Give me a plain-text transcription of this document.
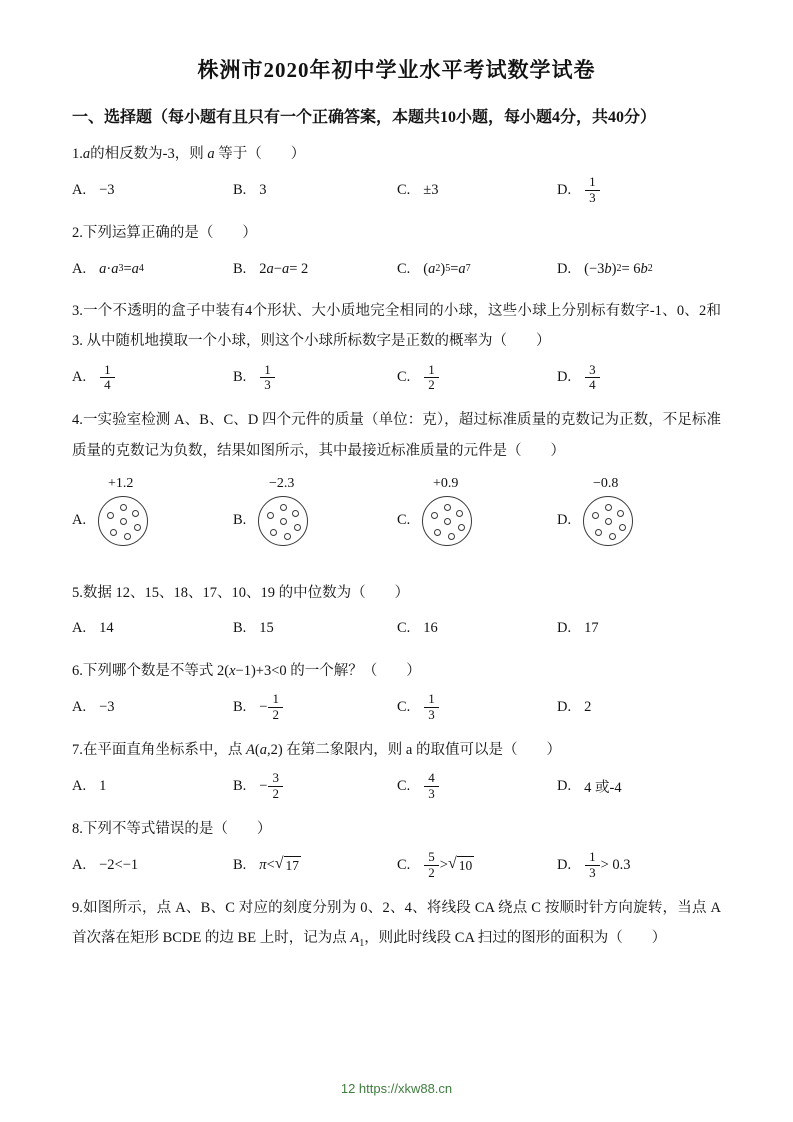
株洲市2020年初中学业水平考试数学试卷
一、选择题（每小题有且只有一个正确答案，本题共10小题，每小题4分，共40分）
1.a的相反数为-3，则 a 等于（　　）
A. −3	B. 3	C. ±3	D. $\frac{1}{3}$
2.下列运算正确的是（　　）
A. a · a 3 = a 4	B. 2 a − a = 2	C. ( a 2 ) 5 = a 7	D. (−3 b ) 2 = 6 b 2
3.一个不透明的盒子中装有4个形状、大小质地完全相同的小球，这些小球上分别标有数字-1、0、2和3. 从中随机地摸取一个小球，则这个小球所标数字是正数的概率为（　　）
A. $\frac{1}{4}$	B. $\frac{1}{3}$	C. $\frac{1}{2}$	D. $\frac{3}{4}$
4.一实验室检测 A、B、C、D 四个元件的质量（单位：克），超过标准质量的克数记为正数，不足标准质量的克数记为负数，结果如图所示，其中最接近标准质量的元件是（　　）
+1.2
A.
−2.3
B.
+0.9
C.
−0.8
D.
5.数据 12、15、18、17、10、19 的中位数为（　　）
A. 14	B. 15	C. 16	D. 17
6.下列哪个数是不等式 2(x−1)+3<0 的一个解？（　　）
A. −3	B. − $\frac{1}{2}$	C. $\frac{1}{3}$	D. 2
7.在平面直角坐标系中，点 A(a,2) 在第二象限内，则 a 的取值可以是（　　）
A. 1	B. − $\frac{3}{2}$	C. $\frac{4}{3}$	D. 4 或-4
8.下列不等式错误的是（　　）
A. −2<−1	B. π < √ 17	C. $\frac{5}{2}$ > √ 10	D. $\frac{1}{3} > 0.3$
9.如图所示，点 A、B、C 对应的刻度分别为 0、2、4、将线段 CA 绕点 C 按顺时针方向旋转，当点 A 首次落在矩形 BCDE 的边 BE 上时，记为点 $A_1$，则此时线段 CA 扫过的图形的面积为（　　）
12 https://xkw88.cn
